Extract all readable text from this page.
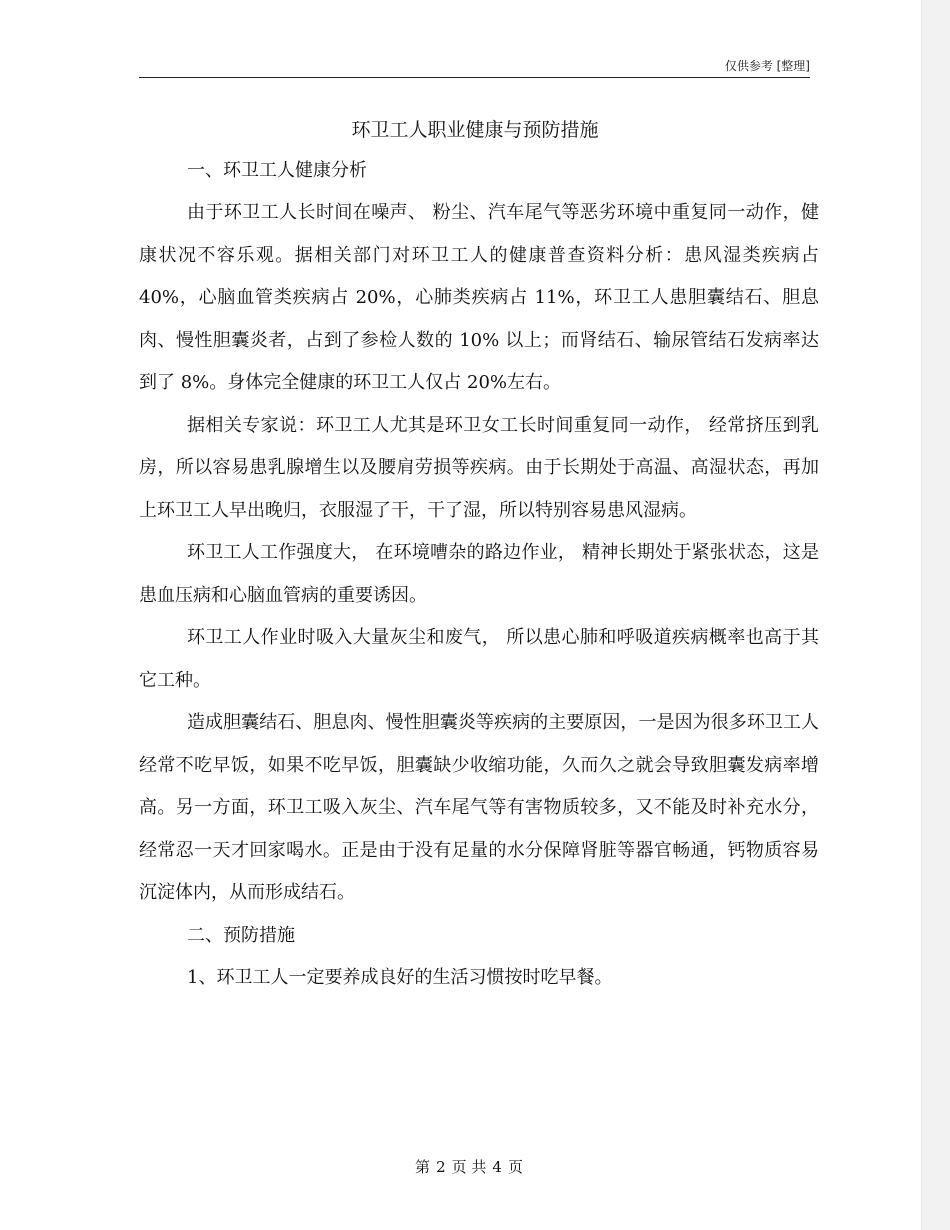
仅供参考 [整理]

环卫工人职业健康与预防措施

一、环卫工人健康分析

由于环卫工人长时间在噪声、 粉尘、汽车尾气等恶劣环境中重复同一动作，健康状况不容乐观。据相关部门对环卫工人的健康普查资料分析：患风湿类疾病占 40%，心脑血管类疾病占 20%，心肺类疾病占 11%，环卫工人患胆囊结石、胆息肉、慢性胆囊炎者，占到了参检人数的 10% 以上；而肾结石、输尿管结石发病率达到了 8%。身体完全健康的环卫工人仅占 20%左右。

据相关专家说：环卫工人尤其是环卫女工长时间重复同一动作， 经常挤压到乳房，所以容易患乳腺增生以及腰肩劳损等疾病。由于长期处于高温、高湿状态，再加上环卫工人早出晚归，衣服湿了干，干了湿，所以特别容易患风湿病。

环卫工人工作强度大， 在环境嘈杂的路边作业， 精神长期处于紧张状态，这是患血压病和心脑血管病的重要诱因。

环卫工人作业时吸入大量灰尘和废气， 所以患心肺和呼吸道疾病概率也高于其它工种。

造成胆囊结石、胆息肉、慢性胆囊炎等疾病的主要原因，一是因为很多环卫工人经常不吃早饭，如果不吃早饭，胆囊缺少收缩功能，久而久之就会导致胆囊发病率增高。另一方面，环卫工吸入灰尘、汽车尾气等有害物质较多，又不能及时补充水分，经常忍一天才回家喝水。正是由于没有足量的水分保障肾脏等器官畅通，钙物质容易沉淀体内，从而形成结石。

二、预防措施

1、环卫工人一定要养成良好的生活习惯按时吃早餐。

第 2 页 共 4 页
